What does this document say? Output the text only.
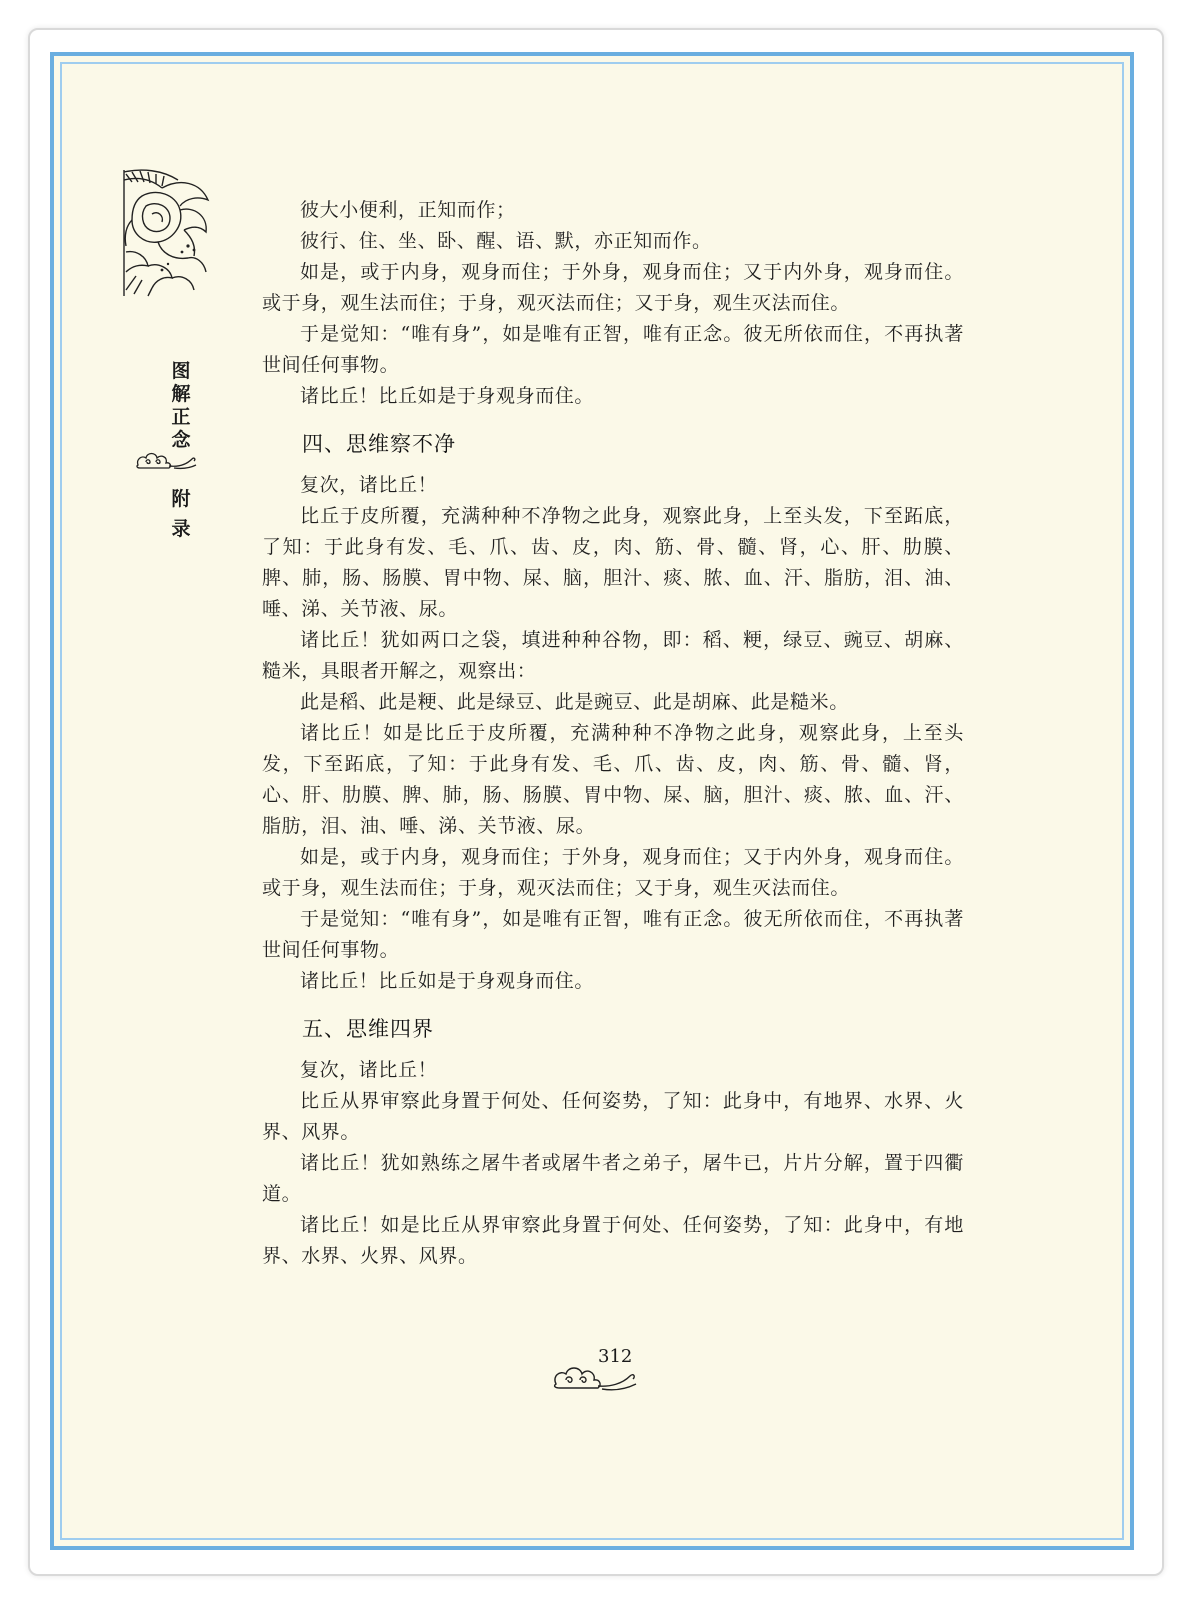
图
解
正
念
附
录

彼大小便利，正知而作；

彼行、住、坐、卧、醒、语、默，亦正知而作。

如是，或于内身，观身而住；于外身，观身而住；又于内外身，观身而住。或于身，观生法而住；于身，观灭法而住；又于身，观生灭法而住。

于是觉知：“唯有身”，如是唯有正智，唯有正念。彼无所依而住，不再执著世间任何事物。

诸比丘！比丘如是于身观身而住。

四、思维察不净

复次，诸比丘！

比丘于皮所覆，充满种种不净物之此身，观察此身，上至头发，下至跖底，了知：于此身有发、毛、爪、齿、皮，肉、筋、骨、髓、肾，心、肝、肋膜、脾、肺，肠、肠膜、胃中物、屎、脑，胆汁、痰、脓、血、汗、脂肪，泪、油、唾、涕、关节液、尿。

诸比丘！犹如两口之袋，填进种种谷物，即：稻、粳，绿豆、豌豆、胡麻、糙米，具眼者开解之，观察出：

此是稻、此是粳、此是绿豆、此是豌豆、此是胡麻、此是糙米。

诸比丘！如是比丘于皮所覆，充满种种不净物之此身，观察此身，上至头发，下至跖底，了知：于此身有发、毛、爪、齿、皮，肉、筋、骨、髓、肾，心、肝、肋膜、脾、肺，肠、肠膜、胃中物、屎、脑，胆汁、痰、脓、血、汗、脂肪，泪、油、唾、涕、关节液、尿。

如是，或于内身，观身而住；于外身，观身而住；又于内外身，观身而住。或于身，观生法而住；于身，观灭法而住；又于身，观生灭法而住。

于是觉知：“唯有身”，如是唯有正智，唯有正念。彼无所依而住，不再执著世间任何事物。

诸比丘！比丘如是于身观身而住。

五、思维四界

复次，诸比丘！

比丘从界审察此身置于何处、任何姿势，了知：此身中，有地界、水界、火界、风界。

诸比丘！犹如熟练之屠牛者或屠牛者之弟子，屠牛已，片片分解，置于四衢道。

诸比丘！如是比丘从界审察此身置于何处、任何姿势，了知：此身中，有地界、水界、火界、风界。

312
